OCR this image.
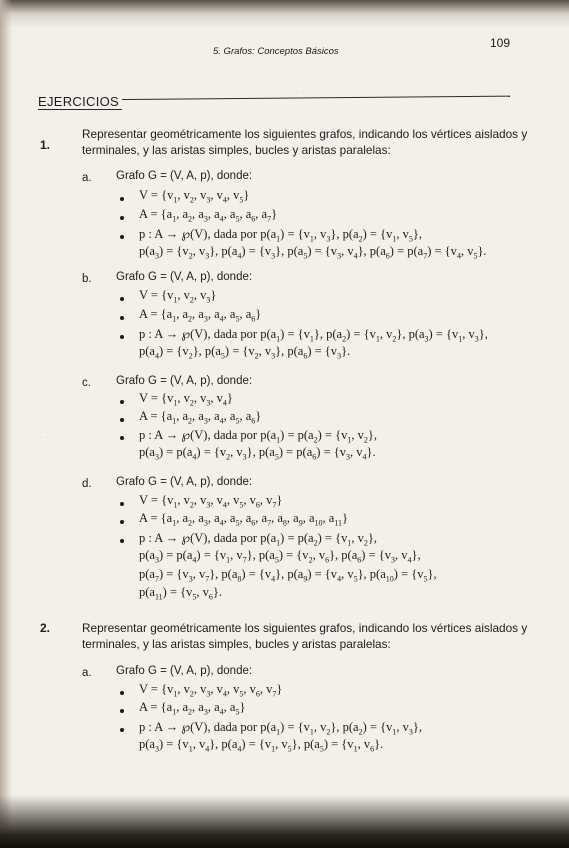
· · ·
· · ·
5. Grafos: Conceptos Básicos
109
EJERCICIOS
1.
Representar geométricamente los siguientes grafos, indicando los vértices aislados y
terminales, y las aristas simples, bucles y aristas paralelas:
a. Grafo G = (V, A, p), donde:
$V = \{v_1$, $v_2$, $v_3$, $v_4$, $v_5$}
$A = \{a_1$, $a_2$, $a_3$, $a_4$, $a_5$, $a_6$, $a_7$}
p : A → ℘(V), dada por $p(a_1) = \{v_1$, $v_3$}, $p(a_2) = \{v_1$, $v_5$},
$p(a_3) = \{v_2$, $v_3$}, $p(a_4) = \{v_3\}$, $p(a_5) = \{v_3$, $v_4$}, $p(a_6) = p(a_7) = \{v_4$, $v_5$}.
b. Grafo G = (V, A, p), donde:
$V = \{v_1$, $v_2$, $v_3$}
$A = \{a_1$, $a_2$, $a_3$, $a_4$, $a_5$, $a_6$}
p : A → ℘(V), dada por $p(a_1) = \{v_1\}$, $p(a_2) = \{v_1$, $v_2$}, $p(a_3) = \{v_1$, $v_3$},
$p(a_4) = \{v_2\}$, $p(a_5) = \{v_2$, $v_3$}, $p(a_6) = \{v_3\}$.
c. Grafo G = (V, A, p), donde:
$V = \{v_1$, $v_2$, $v_3$, $v_4$}
$A = \{a_1$, $a_2$, $a_3$, $a_4$, $a_5$, $a_6$}
p : A → ℘(V), dada por $p(a_1) = p(a_2) = \{v_1$, $v_2$},
$p(a_3) = p(a_4) = \{v_2$, $v_3$}, $p(a_5) = p(a_6) = \{v_3$, $v_4$}.
d. Grafo G = (V, A, p), donde:
$V = \{v_1$, $v_2$, $v_3$, $v_4$, $v_5$, $v_6$, $v_7$}
$A = \{a_1$, $a_2$, $a_3$, $a_4$, $a_5$, $a_6$, $a_7$, $a_8$, $a_9$, $a_{10}$, $a_{11}$}
p : A → ℘(V), dada por $p(a_1) = p(a_2) = \{v_1$, $v_2$},
$p(a_3) = p(a_4) = \{v_1$, $v_7$}, $p(a_5) = \{v_2$, $v_6$}, $p(a_6) = \{v_3$, $v_4$},
$p(a_7) = \{v_3$, $v_7$}, $p(a_8) = \{v_4\}$, $p(a_9) = \{v_4$, $v_5$}, $p(a_{10}) = \{v_5\}$,
$p(a_{11}) = \{v_5$, $v_6$}.
2.	Representar geométricamente los siguientes grafos, indicando los vértices aislados y
terminales, y las aristas simples, bucles y aristas paralelas:
a. Grafo G = (V, A, p), donde:
$V = \{v_1$, $v_2$, $v_3$, $v_4$, $v_5$, $v_6$, $v_7$}
$A = \{a_1$, $a_2$, $a_3$, $a_4$, $a_5$}
p : A → ℘(V), dada por $p(a_1) = \{v_1$, $v_2$}, $p(a_2) = \{v_1$, $v_3$},
$p(a_3) = \{v_1$, $v_4$}, $p(a_4) = \{v_1$, $v_5$}, $p(a_5) = \{v_1$, $v_6$}.
